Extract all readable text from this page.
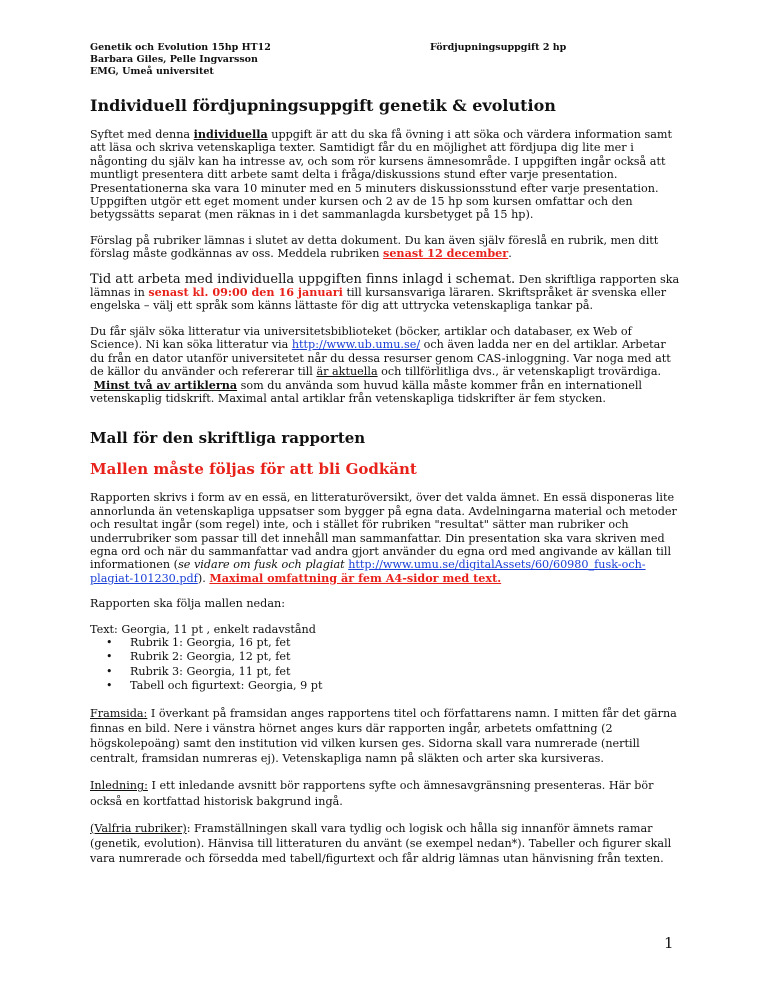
Genetik och Evolution 15hp HT12
Barbara Giles, Pelle Ingvarsson
EMG, Umeå universitet
Fördjupningsuppgift 2 hp
Individuell fördjupningsuppgift genetik & evolution

Syftet med denna individuella uppgift är att du ska få övning i att söka och värdera information samt att läsa och skriva vetenskapliga texter. Samtidigt får du en möjlighet att fördjupa dig lite mer i någonting du själv kan ha intresse av, och som rör kursens ämnesområde. I uppgiften ingår också att muntligt presentera ditt arbete samt delta i fråga/diskussions stund efter varje presentation. Presentationerna ska vara 10 minuter med en 5 minuters diskussionsstund efter varje presentation. Uppgiften utgör ett eget moment under kursen och 2 av de 15 hp som kursen omfattar och den betygssätts separat (men räknas in i det sammanlagda kursbetyget på 15 hp).

Förslag på rubriker lämnas i slutet av detta dokument. Du kan även själv föreslå en rubrik, men ditt förslag måste godkännas av oss. Meddela rubriken senast 12 december.

Tid att arbeta med individuella uppgiften finns inlagd i schemat. Den skriftliga rapporten ska lämnas in senast kl. 09:00 den 16 januari till kursansvariga läraren. Skriftspråket är svenska eller engelska – välj ett språk som känns lättaste för dig att uttrycka vetenskapliga tankar på.

Du får själv söka litteratur via universitetsbiblioteket (böcker, artiklar och databaser, ex Web of Science). Ni kan söka litteratur via http://www.ub.umu.se/ och även ladda ner en del artiklar. Arbetar du från en dator utanför universitetet når du dessa resurser genom CAS-inloggning. Var noga med att de källor du använder och refererar till är aktuella och tillförlitliga dvs., är vetenskapligt trovärdiga.
Minst två av artiklerna som du använda som huvud källa måste kommer från en internationell vetenskaplig tidskrift. Maximal antal artiklar från vetenskapliga tidskrifter är fem stycken.

Mall för den skriftliga rapporten
Mallen måste följas för att bli Godkänt

Rapporten skrivs i form av en essä, en litteraturöversikt, över det valda ämnet. En essä disponeras lite annorlunda än vetenskapliga uppsatser som bygger på egna data. Avdelningarna material och metoder och resultat ingår (som regel) inte, och i stället för rubriken "resultat" sätter man rubriker och underrubriker som passar till det innehåll man sammanfattar. Din presentation ska vara skriven med egna ord och när du sammanfattar vad andra gjort använder du egna ord med angivande av källan till informationen (se vidare om fusk och plagiat http://www.umu.se/digitalAssets/60/60980_fusk-och-plagiat-101230.pdf). Maximal omfattning är fem A4-sidor med text.

Rapporten ska följa mallen nedan:

Text: Georgia, 11 pt , enkelt radavstånd

• Rubrik 1: Georgia, 16 pt, fet
• Rubrik 2: Georgia, 12 pt, fet
• Rubrik 3: Georgia, 11 pt, fet
• Tabell och figurtext: Georgia, 9 pt

Framsida: I överkant på framsidan anges rapportens titel och författarens namn. I mitten får det gärna finnas en bild. Nere i vänstra hörnet anges kurs där rapporten ingår, arbetets omfattning (2 högskolepoäng) samt den institution vid vilken kursen ges. Sidorna skall vara numrerade (nertill centralt, framsidan numreras ej). Vetenskapliga namn på släkten och arter ska kursiveras.

Inledning: I ett inledande avsnitt bör rapportens syfte och ämnesavgränsning presenteras. Här bör också en kortfattad historisk bakgrund ingå.

(Valfria rubriker): Framställningen skall vara tydlig och logisk och hålla sig innanför ämnets ramar (genetik, evolution). Hänvisa till litteraturen du använt (se exempel nedan*). Tabeller och figurer skall vara numrerade och försedda med tabell/figurtext och får aldrig lämnas utan hänvisning från texten.

1
